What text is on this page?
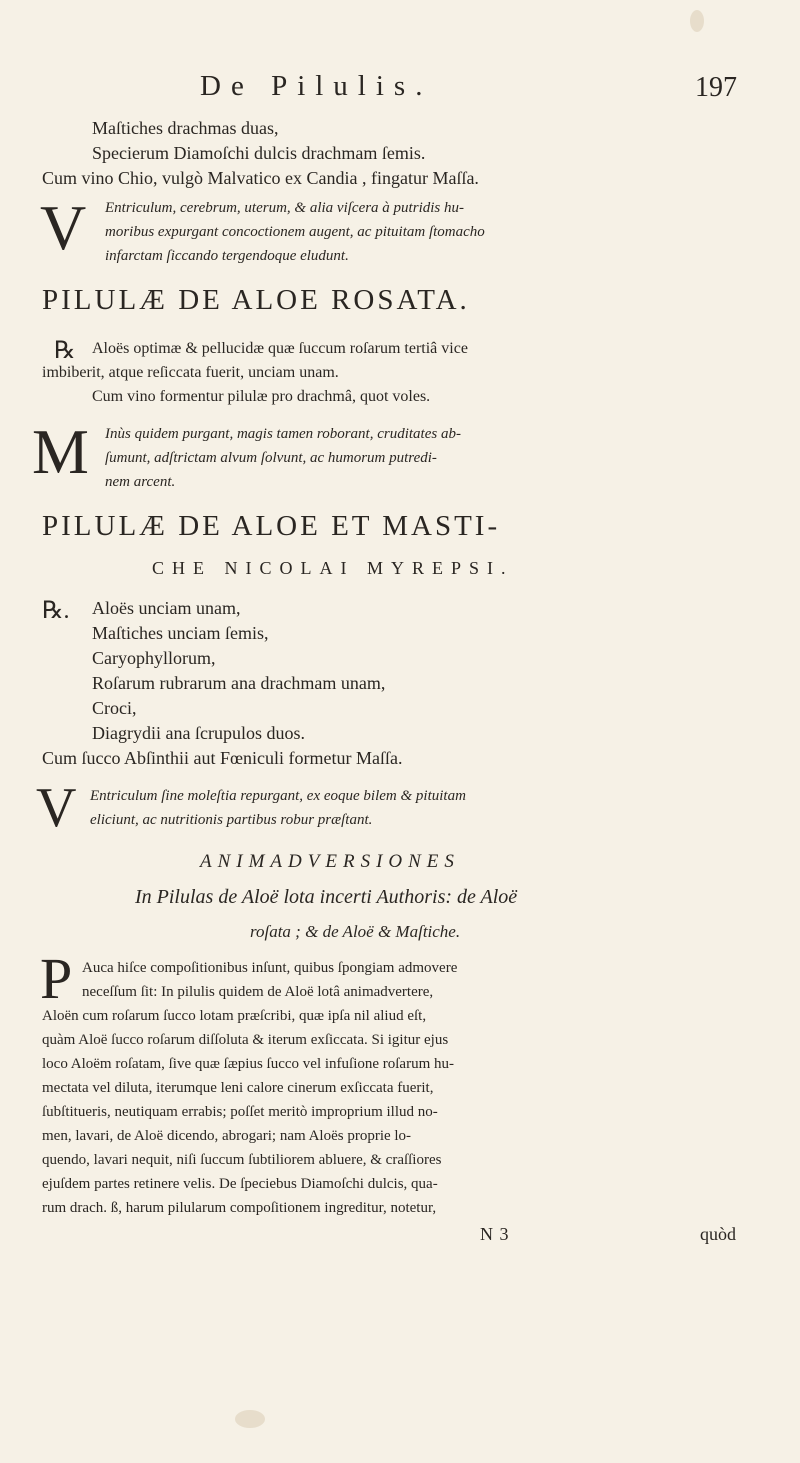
De Pilulis.	197
Maſtiches drachmas duas,
Specierum Diamoſchi dulcis drachmam ſemis.
Cum vino Chio, vulgò Malvatico ex Candia , fingatur Maſſa.
V Entriculum, cerebrum, uterum, & alia viſcera à putridis hu-
moribus expurgant concoctionem augent, ac pituitam ſtomacho
infarctam ſiccando tergendoque eludunt.
PILULÆ DE ALOE ROSATA.
℞ Aloës optimæ & pellucidæ quæ ſuccum roſarum tertiâ vice
imbiberit, atque reſiccata fuerit, unciam unam.
Cum vino formentur pilulæ pro drachmâ, quot voles.
M Inùs quidem purgant, magis tamen roborant, cruditates ab-
ſumunt, adſtrictam alvum ſolvunt, ac humorum putredi-
nem arcent.
PILULÆ DE ALOE ET MASTI-
CHE NICOLAI MYREPSI.
℞. Aloës unciam unam,
Maſtiches unciam ſemis,
Caryophyllorum,
Roſarum rubrarum ana drachmam unam,
Croci,
Diagrydii ana ſcrupulos duos.
Cum ſucco Abſinthii aut Fœniculi formetur Maſſa.
V Entriculum ſine moleſtia repurgant, ex eoque bilem & pituitam
eliciunt, ac nutritionis partibus robur præſtant.
ANIMADVERSIONES
In Pilulas de Aloë lota incerti Authoris: de Aloë
roſata ; & de Aloë & Maſtiche.
P Auca hiſce compoſitionibus inſunt, quibus ſpongiam admovere
neceſſum ſit: In pilulis quidem de Aloë lotâ animadvertere,
Aloën cum roſarum ſucco lotam præſcribi, quæ ipſa nil aliud eſt,
quàm Aloë ſucco roſarum diſſoluta & iterum exſiccata. Si igitur ejus
loco Aloëm roſatam, ſive quæ ſæpius ſucco vel infuſione roſarum hu-
mectata vel diluta, iterumque leni calore cinerum exſiccata fuerit,
ſubſtitueris, neutiquam errabis; poſſet meritò improprium illud no-
men, lavari, de Aloë dicendo, abrogari; nam Aloës proprie lo-
quendo, lavari nequit, niſi ſuccum ſubtiliorem abluere, & craſſiores
ejuſdem partes retinere velis. De ſpeciebus Diamoſchi dulcis, qua-
rum drach. ß, harum pilularum compoſitionem ingreditur, notetur,
N 3	quòd
